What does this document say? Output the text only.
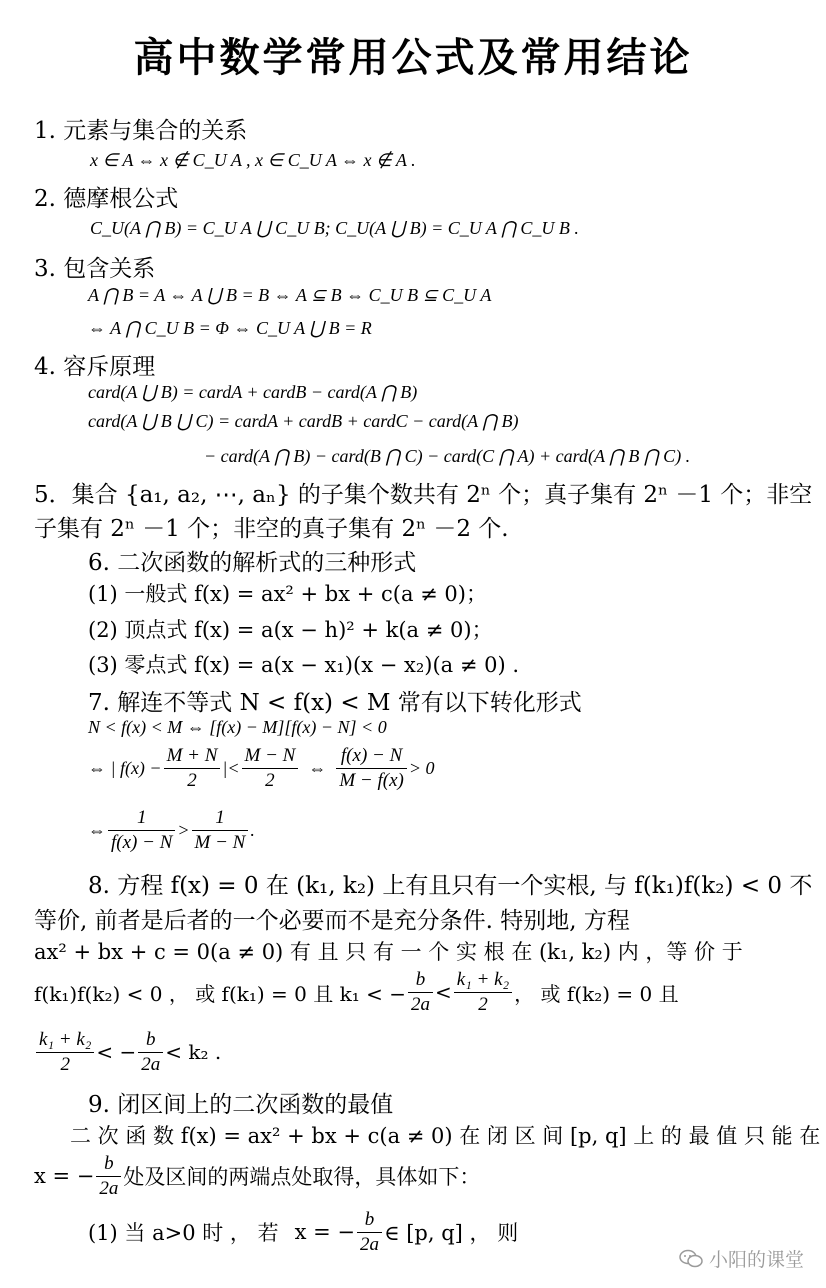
高中数学常用公式及常用结论
1. 元素与集合的关系
x ∈ A ⇔ x ∉ C_U A , x ∈ C_U A ⇔ x ∉ A .
2. 德摩根公式
C_U(A ⋂ B) = C_U A ⋃ C_U B; C_U(A ⋃ B) = C_U A ⋂ C_U B .
3. 包含关系
A ⋂ B = A ⇔ A ⋃ B = B ⇔ A ⊆ B ⇔ C_U B ⊆ C_U A
⇔ A ⋂ C_U B = Φ ⇔ C_U A ⋃ B = R
4. 容斥原理
card(A ⋃ B) = cardA + cardB − card(A ⋂ B)
card(A ⋃ B ⋃ C) = cardA + cardB + cardC − card(A ⋂ B)
− card(A ⋂ B) − card(B ⋂ C) − card(C ⋂ A) + card(A ⋂ B ⋂ C) .
5．集合 {a₁, a₂, ⋯, aₙ} 的子集个数共有 2ⁿ 个；真子集有 2ⁿ －1 个；非空
子集有 2ⁿ －1 个；非空的真子集有 2ⁿ －2 个.
6. 二次函数的解析式的三种形式
(1) 一般式 f(x) = ax² + bx + c(a ≠ 0)；
(2) 顶点式 f(x) = a(x − h)² + k(a ≠ 0)；
(3) 零点式 f(x) = a(x − x₁)(x − x₂)(a ≠ 0) .
7. 解连不等式 N < f(x) < M 常有以下转化形式
N < f(x) < M ⇔ [f(x) − M][f(x) − N] < 0
⇔ | $f(x) - \frac{M + N}{2}$ |< $\frac{M - N}{2}$ ⇔ $\frac{f(x) - N}{M - f(x)} > 0$
⇔ $\frac{1}{f(x) - N} > \frac{1}{M - N}$ .
8. 方程 f(x) = 0 在 (k₁, k₂) 上有且只有一个实根, 与 f(k₁)f(k₂) < 0 不
等价, 前者是后者的一个必要而不是充分条件. 特别地, 方程
ax² + bx + c = 0(a ≠ 0) 有 且 只 有 一 个 实 根 在 (k₁, k₂) 内 ，等 价 于
f(k₁)f(k₂) < 0 ， 或 f(k₁) = 0 且 k₁ < − $\frac{b}{2a} < \frac{\text{k₁ + k₂}}{2}$ ， 或 f(k₂) = 0 且
$\frac{\text{k₁ + k₂}}{2}$ < − $\frac{b}{2a} < k_2$ .
9. 闭区间上的二次函数的最值
二 次 函 数 f(x) = ax² + bx + c(a ≠ 0) 在 闭 区 间 [p, q] 上 的 最 值 只 能 在
x = − $\frac{b}{2a}$ 处及区间的两端点处取得，具体如下：
(1) 当 a>0 时 ， 若 x = − $\frac{b}{2a}$ ∈ [p, q] ， 则
小阳的课堂
